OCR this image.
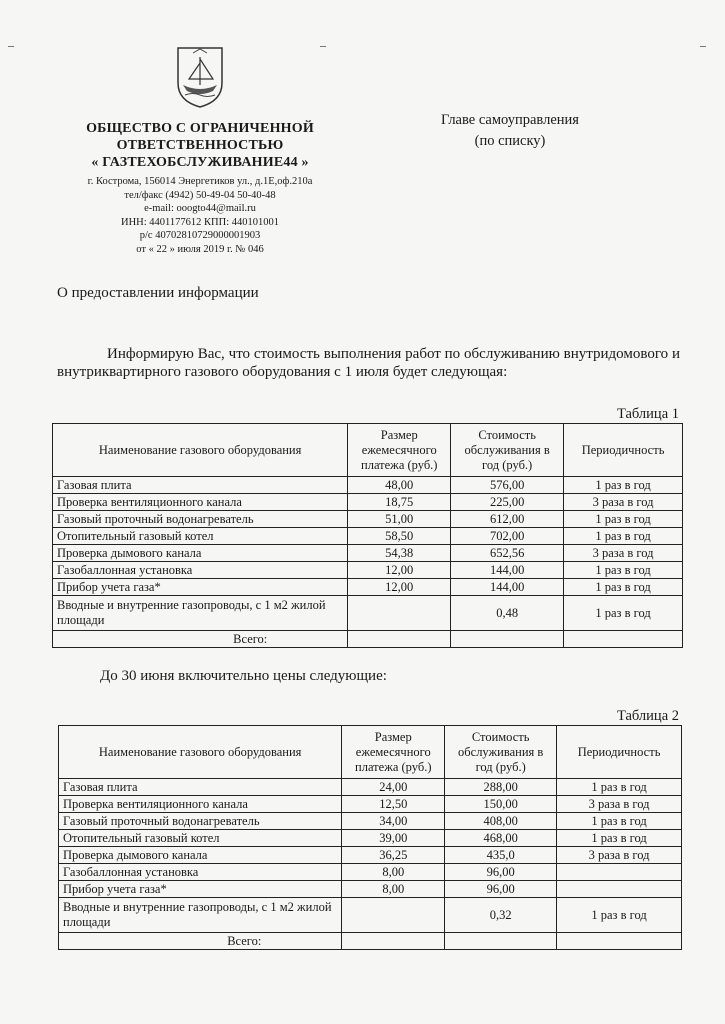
ОБЩЕСТВО С ОГРАНИЧЕННОЙ
ОТВЕТСТВЕННОСТЬЮ
« ГАЗТЕХОБСЛУЖИВАНИЕ44 »
г. Кострома, 156014 Энергетиков ул., д.1Е,оф.210а
тел/факс (4942) 50-49-04 50-40-48
e-mail: ooogto44@mail.ru
ИНН: 4401177612 КПП: 440101001
р/с 40702810729000001903
от « 22 » июля 2019 г. № 046
Главе самоуправления
(по списку)
О предоставлении информации
Информирую Вас, что стоимость выполнения работ по обслуживанию внутридомового и внутриквартирного газового оборудования с 1 июля будет следующая:
Таблица 1
Наименование газового оборудования	Размер ежемесячного платежа (руб.)	Стоимость обслуживания в год (руб.)	Периодичность
Газовая плита	48,00	576,00	1 раз в год
Проверка вентиляционного канала	18,75	225,00	3 раза в год
Газовый проточный водонагреватель	51,00	612,00	1 раз в год
Отопительный газовый котел	58,50	702,00	1 раз в год
Проверка дымового канала	54,38	652,56	3 раза в год
Газобаллонная установка	12,00	144,00	1 раз в год
Прибор учета газа*	12,00	144,00	1 раз в год
Вводные и внутренние газопроводы, с 1 м2 жилой площади		0,48	1 раз в год
Всего:			
До 30 июня включительно цены следующие:
Таблица 2
Наименование газового оборудования	Размер ежемесячного платежа (руб.)	Стоимость обслуживания в год (руб.)	Периодичность
Газовая плита	24,00	288,00	1 раз в год
Проверка вентиляционного канала	12,50	150,00	3 раза в год
Газовый проточный водонагреватель	34,00	408,00	1 раз в год
Отопительный газовый котел	39,00	468,00	1 раз в год
Проверка дымового канала	36,25	435,0	3 раза в год
Газобаллонная установка	8,00	96,00	
Прибор учета газа*	8,00	96,00	
Вводные и внутренние газопроводы, с 1 м2 жилой площади		0,32	1 раз в год
Всего:			
